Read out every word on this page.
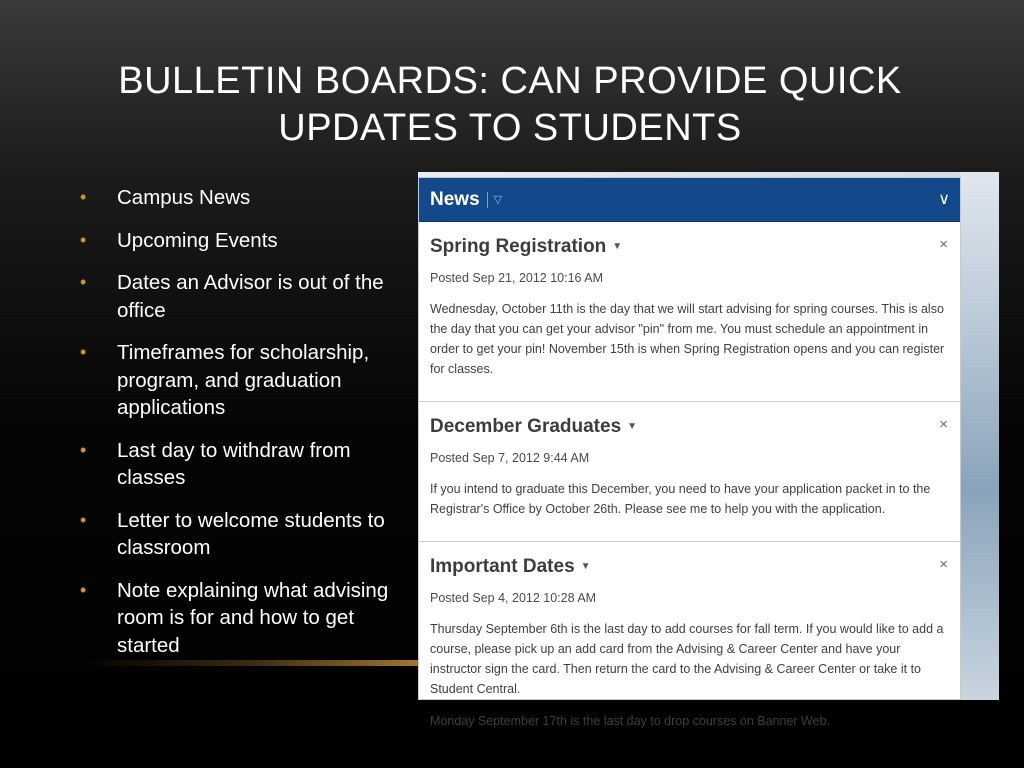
BULLETIN BOARDS: CAN PROVIDE QUICK UPDATES TO STUDENTS
• Campus News
• Upcoming Events
• Dates an Advisor is out of the office
• Timeframes for scholarship, program, and graduation applications
• Last day to withdraw from classes
• Letter to welcome students to classroom
• Note explaining what advising room is for and how to get started
News ▽	∨
Spring Registration ▼	×
Posted Sep 21, 2012 10:16 AM

Wednesday, October 11th is the day that we will start advising for spring courses. This is also the day that you can get your advisor "pin" from me. You must schedule an appointment in order to get your pin! November 15th is when Spring Registration opens and you can register for classes.

December Graduates ▼	×
Posted Sep 7, 2012 9:44 AM

If you intend to graduate this December, you need to have your application packet in to the Registrar's Office by October 26th. Please see me to help you with the application.

Important Dates ▼	×
Posted Sep 4, 2012 10:28 AM

Thursday September 6th is the last day to add courses for fall term. If you would like to add a course, please pick up an add card from the Advising & Career Center and have your instructor sign the card. Then return the card to the Advising & Career Center or take it to Student Central.

Monday September 17th is the last day to drop courses on Banner Web.
